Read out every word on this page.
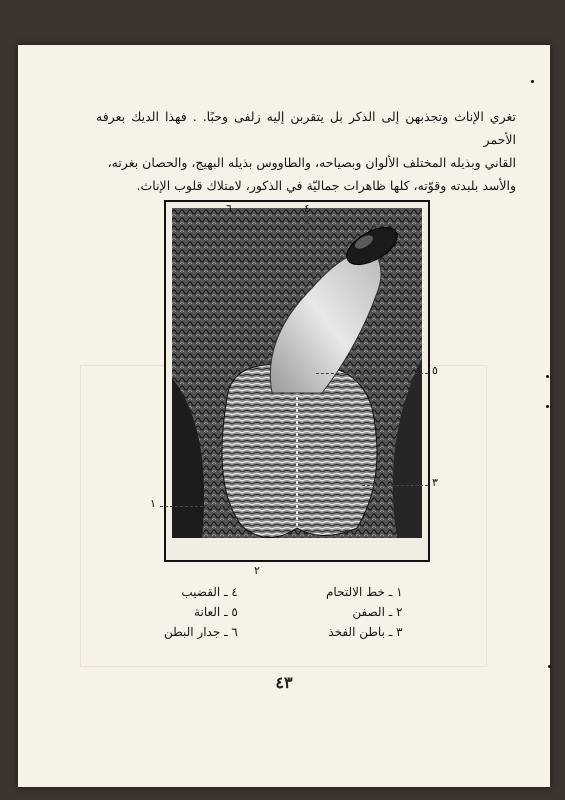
تغري الإناث وتجذبهن إلى الذكر بل يتقربن إليه زلفى وحبًا. . فهذا الديك بعرفه الأحمر
القاني وبذيله المختلف الألوان وبصياحه، والطاووس بذيله البهيج، والحصان بغرته،
والأسد بلبدته وقوّته، كلها ظاهرات جماليّة في الذكور، لامتلاك قلوب الإناث.
٦	٤
٥
٣
١
٢
١ ـ خط الالتحام
٢ ـ الصفن
٣ ـ باطن الفخذ
٤ ـ القضيب
٥ ـ العانة
٦ ـ جدار البطن
٤٣
